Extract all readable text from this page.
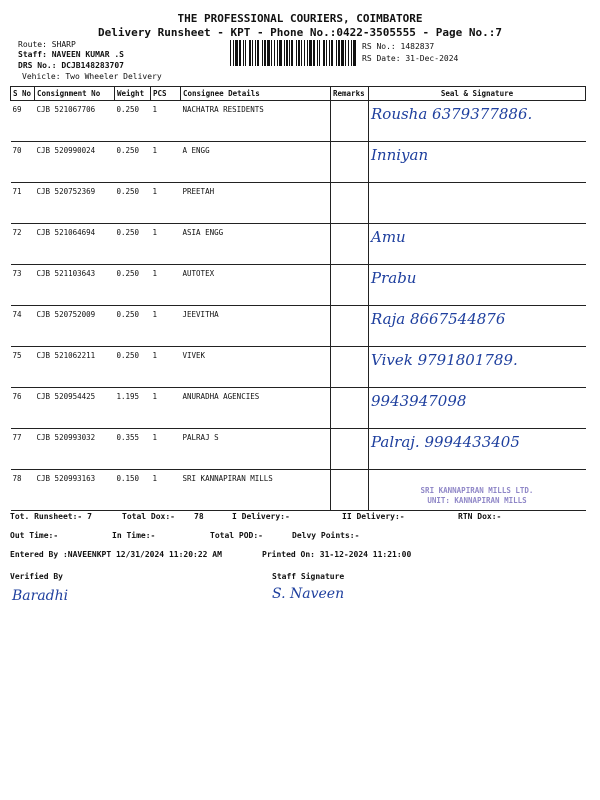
THE PROFESSIONAL COURIERS, COIMBATORE
Delivery Runsheet - KPT - Phone No.:0422-3505555 - Page No.:7
Route: SHARP
Staff: NAVEEN KUMAR .S
DRS No.: DCJB148283707
Vehicle: Two Wheeler Delivery
RS No.: 1482837
RS Date: 31-Dec-2024
S No	Consignment No	Weight	PCS	Consignee Details	Remarks	Seal & Signature
69	CJB 521067706	0.250	1	NACHATRA RESIDENTS		Rousha 6379377886.
70	CJB 520990024	0.250	1	A ENGG		Inniyan
71	CJB 520752369	0.250	1	PREETAH		
72	CJB 521064694	0.250	1	ASIA ENGG		Amu
73	CJB 521103643	0.250	1	AUTOTEX		Prabu
74	CJB 520752009	0.250	1	JEEVITHA		Raja 8667544876
75	CJB 521062211	0.250	1	VIVEK		Vivek 9791801789.
76	CJB 520954425	1.195	1	ANURADHA AGENCIES		9943947098
77	CJB 520993032	0.355	1	PALRAJ S		Palraj. 9994433405
78	CJB 520993163	0.150	1	SRI KANNAPIRAN MILLS		
SRI KANNAPIRAN MILLS LTD.
UNIT: KANNAPIRAN MILLS
Tot. Runsheet:- 7	Total Dox:- 78	I Delivery:-	II Delivery:-	RTN Dox:-
Out Time:-	In Time:-	Total POD:-	Delvy Points:-
Entered By :NAVEENKPT 12/31/2024 11:20:22 AM	Printed On: 31-12-2024 11:21:00
Verified By	Staff Signature
Baradhi	S. Naveen
